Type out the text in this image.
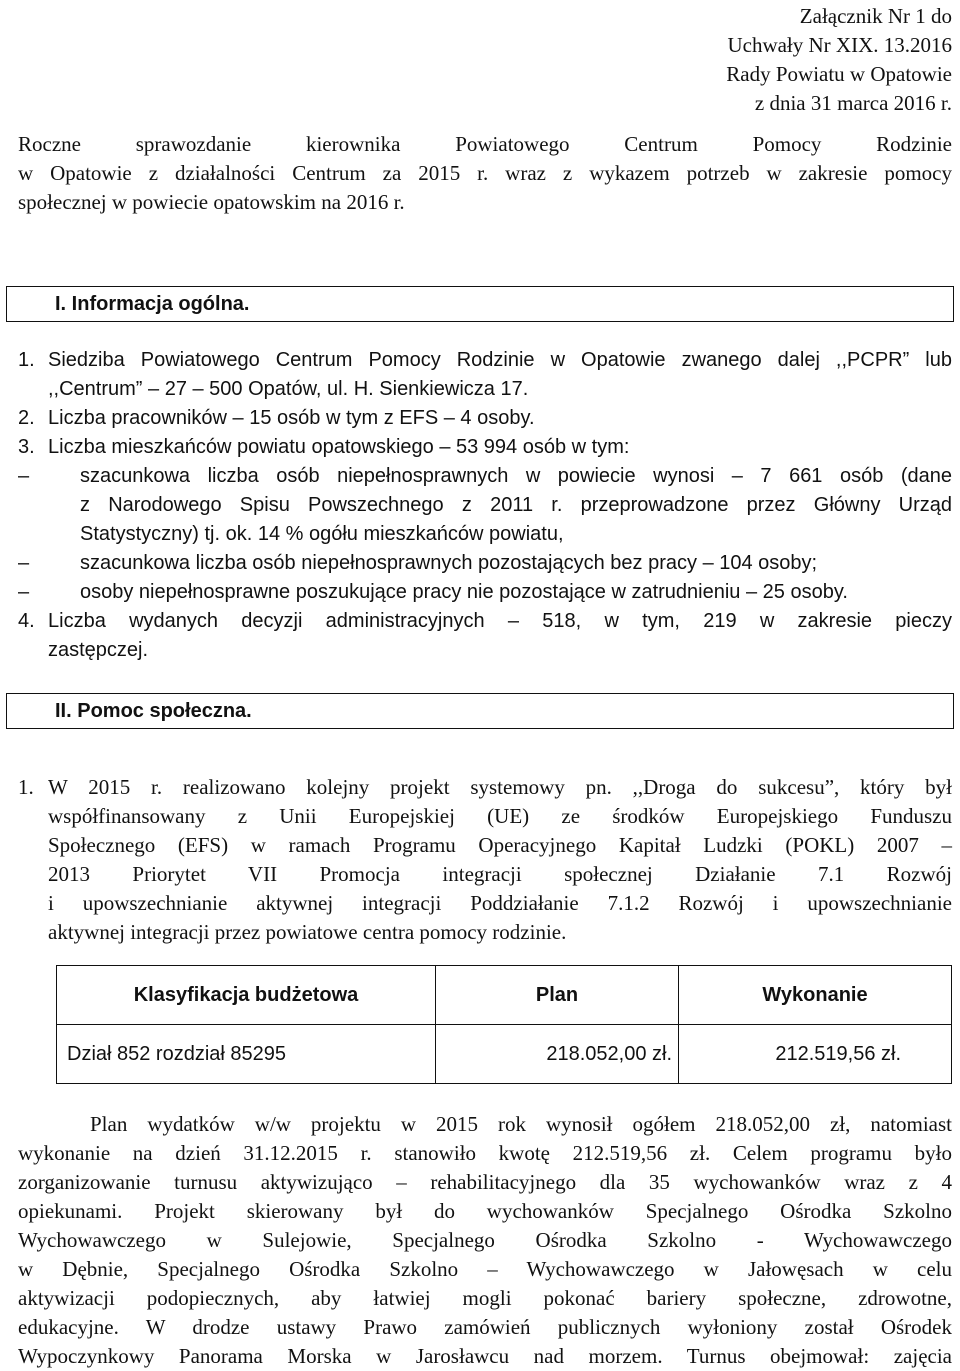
Załącznik Nr 1 do
Uchwały Nr XIX. 13.2016
Rady Powiatu w Opatowie
z dnia 31 marca 2016 r.
Roczne sprawozdanie kierownika Powiatowego Centrum Pomocy Rodzinie
w Opatowie z działalności Centrum za 2015 r. wraz z wykazem potrzeb w zakresie pomocy
społecznej w powiecie opatowskim na 2016 r.
I. Informacja ogólna.
1. Siedziba Powiatowego Centrum Pomocy Rodzinie w Opatowie zwanego dalej ,,PCPR” lub
,,Centrum” – 27 – 500 Opatów, ul. H. Sienkiewicza 17.
2. Liczba pracowników – 15 osób w tym z EFS – 4 osoby.
3. Liczba mieszkańców powiatu opatowskiego – 53 994 osób w tym:
–	szacunkowa liczba osób niepełnosprawnych w powiecie wynosi – 7 661 osób (dane
z Narodowego Spisu Powszechnego z 2011 r. przeprowadzone przez Główny Urząd
Statystyczny) tj. ok. 14 % ogółu mieszkańców powiatu,
–	szacunkowa liczba osób niepełnosprawnych pozostających bez pracy – 104 osoby;
–	osoby niepełnosprawne poszukujące pracy nie pozostające w zatrudnieniu – 25 osoby.
4. Liczba wydanych decyzji administracyjnych – 518, w tym, 219 w zakresie pieczy
zastępczej.
II. Pomoc społeczna.
1. W 2015 r. realizowano kolejny projekt systemowy pn. ,,Droga do sukcesu”, który był
współfinansowany z Unii Europejskiej (UE) ze środków Europejskiego Funduszu
Społecznego (EFS) w ramach Programu Operacyjnego Kapitał Ludzki (POKL) 2007 –
2013 Priorytet VII Promocja integracji społecznej Działanie 7.1 Rozwój
i upowszechnianie aktywnej integracji Poddziałanie 7.1.2 Rozwój i upowszechnianie
aktywnej integracji przez powiatowe centra pomocy rodzinie.
Klasyfikacja budżetowa	Plan	Wykonanie
Dział 852 rozdział 85295	218.052,00 zł.	212.519,56 zł.
Plan wydatków w/w projektu w 2015 rok wynosił ogółem 218.052,00 zł, natomiast
wykonanie na dzień 31.12.2015 r. stanowiło kwotę 212.519,56 zł. Celem programu było
zorganizowanie turnusu aktywizująco – rehabilitacyjnego dla 35 wychowanków wraz z 4
opiekunami. Projekt skierowany był do wychowanków Specjalnego Ośrodka Szkolno
Wychowawczego w Sulejowie, Specjalnego Ośrodka Szkolno - Wychowawczego
w Dębnie, Specjalnego Ośrodka Szkolno – Wychowawczego w Jałowęsach w celu
aktywizacji podopiecznych, aby łatwiej mogli pokonać bariery społeczne, zdrowotne,
edukacyjne. W drodze ustawy Prawo zamówień publicznych wyłoniony został Ośrodek
Wypoczynkowy Panorama Morska w Jarosławcu nad morzem. Turnus obejmował: zajęcia
